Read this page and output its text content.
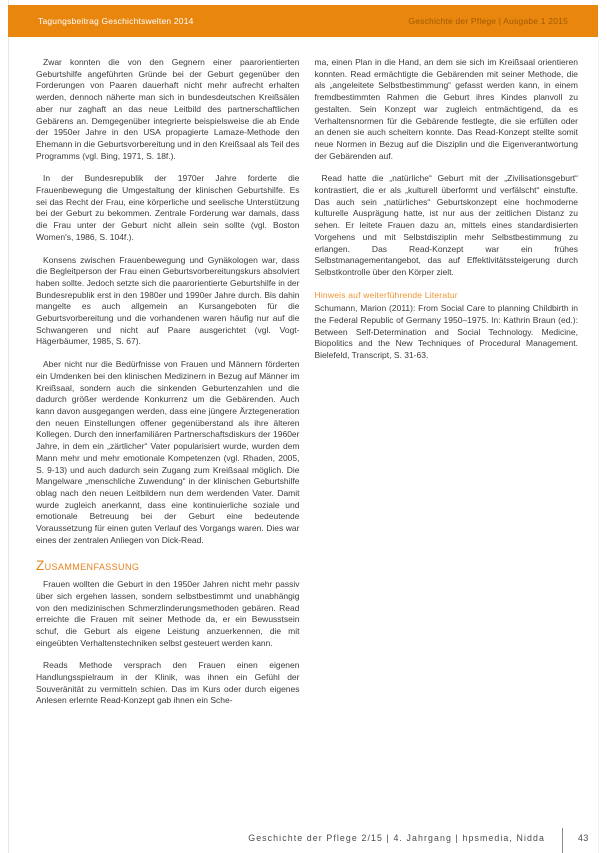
Tagungsbeitrag Geschichtswelten 2014	Geschichte der Pflege | Ausgabe 1 2015

Zwar konnten die von den Gegnern einer paarorientierten Geburtshilfe angeführten Gründe bei der Geburt gegenüber den Forderungen von Paaren dauerhaft nicht mehr aufrecht erhalten werden, dennoch näherte man sich in bundesdeutschen Kreißsälen aber nur zaghaft an das neue Leitbild des partnerschaftlichen Gebärens an. Demgegenüber integrierte beispielsweise die ab Ende der 1950er Jahre in den USA propagierte Lamaze-Methode den Ehemann in die Geburtsvorbereitung und in den Kreißsaal als Teil des Programms (vgl. Bing, 1971, S. 18f.).

In der Bundesrepublik der 1970er Jahre forderte die Frauenbewegung die Umgestaltung der klinischen Geburtshilfe. Es sei das Recht der Frau, eine körperliche und seelische Unterstützung bei der Geburt zu bekommen. Zentrale Forderung war damals, dass die Frau unter der Geburt nicht allein sein sollte (vgl. Boston Women's, 1986, S. 104f.).

Konsens zwischen Frauenbewegung und Gynäkologen war, dass die Begleitperson der Frau einen Geburtsvorbereitungskurs absolviert haben sollte. Jedoch setzte sich die paarorientierte Geburtshilfe in der Bundesrepublik erst in den 1980er und 1990er Jahre durch. Bis dahin mangelte es auch allgemein an Kursangeboten für die Geburtsvorbereitung und die vorhandenen waren häufig nur auf die Schwangeren und nicht auf Paare ausgerichtet (vgl. Vogt-Hägerbäumer, 1985, S. 67).

Aber nicht nur die Bedürfnisse von Frauen und Männern förderten ein Umdenken bei den klinischen Medizinern in Bezug auf Männer im Kreißsaal, sondern auch die sinkenden Geburtenzahlen und die dadurch größer werdende Konkurrenz um die Gebärenden. Auch kann davon ausgegangen werden, dass eine jüngere Ärztegeneration den neuen Einstellungen offener gegenüberstand als ihre älteren Kollegen. Durch den innerfamiliären Partnerschaftsdiskurs der 1960er Jahre, in dem ein „zärtlicher“ Vater popularisiert wurde, wurden dem Mann mehr und mehr emotionale Kompetenzen (vgl. Rhaden, 2005, S. 9-13) und auch dadurch sein Zugang zum Kreißsaal möglich. Die Mangelware „menschliche Zuwendung“ in der klinischen Geburtshilfe oblag nach den neuen Leitbildern nun dem werdenden Vater. Damit wurde zugleich anerkannt, dass eine kontinuierliche soziale und emotionale Betreuung bei der Geburt eine bedeutende Voraussetzung für einen guten Verlauf des Vorgangs waren. Dies war eines der zentralen Anliegen von Dick-Read.

Zusammenfassung

Frauen wollten die Geburt in den 1950er Jahren nicht mehr passiv über sich ergehen lassen, sondern selbstbestimmt und unabhängig von den medizinischen Schmerzlinderungsmethoden gebären. Read erreichte die Frauen mit seiner Methode da, er ein Bewusstsein schuf, die Geburt als eigene Leistung anzuerkennen, die mit eingeübten Verhaltenstechniken selbst gesteuert werden kann.

Reads Methode versprach den Frauen einen eigenen Handlungsspielraum in der Klinik, was ihnen ein Gefühl der Souveränität zu vermitteln schien. Das im Kurs oder durch eigenes Anlesen erlernte Read-Konzept gab ihnen ein Sche-

ma, einen Plan in die Hand, an dem sie sich im Kreißsaal orientieren konnten. Read ermächtigte die Gebärenden mit seiner Methode, die als „angeleitete Selbstbestimmung“ gefasst werden kann, in einem fremdbestimmten Rahmen die Geburt ihres Kindes planvoll zu gestalten. Sein Konzept war zugleich entmächtigend, da es Verhaltensnormen für die Gebärende festlegte, die sie erfüllen oder an denen sie auch scheitern konnte. Das Read-Konzept stellte somit neue Normen in Bezug auf die Disziplin und die Eigenverantwortung der Gebärenden auf.

Read hatte die „natürliche“ Geburt mit der „Zivilisationsgeburt“ kontrastiert, die er als „kulturell überformt und verfälscht“ einstufte. Das auch sein „natürliches“ Geburtskonzept eine hochmoderne kulturelle Ausprägung hatte, ist nur aus der zeitlichen Distanz zu sehen. Er leitete Frauen dazu an, mittels eines standardisierten Vorgehens und mit Selbstdisziplin mehr Selbstbestimmung zu erlangen. Das Read-Konzept war ein frühes Selbstmanagementangebot, das auf Effektivitätssteigerung durch Selbstkontrolle über den Körper zielt.

Hinweis auf weiterführende Literatur

Schumann, Marion (2011): From Social Care to planning Childbirth in the Federal Republic of Germany 1950–1975. In: Kathrin Braun (ed.): Between Self-Determination and Social Technology. Medicine, Biopolitics and the New Techniques of Procedural Management. Bielefeld, Transcript, S. 31-63.

Geschichte der Pflege 2/15 | 4. Jahrgang | hpsmedia, Nidda	43
